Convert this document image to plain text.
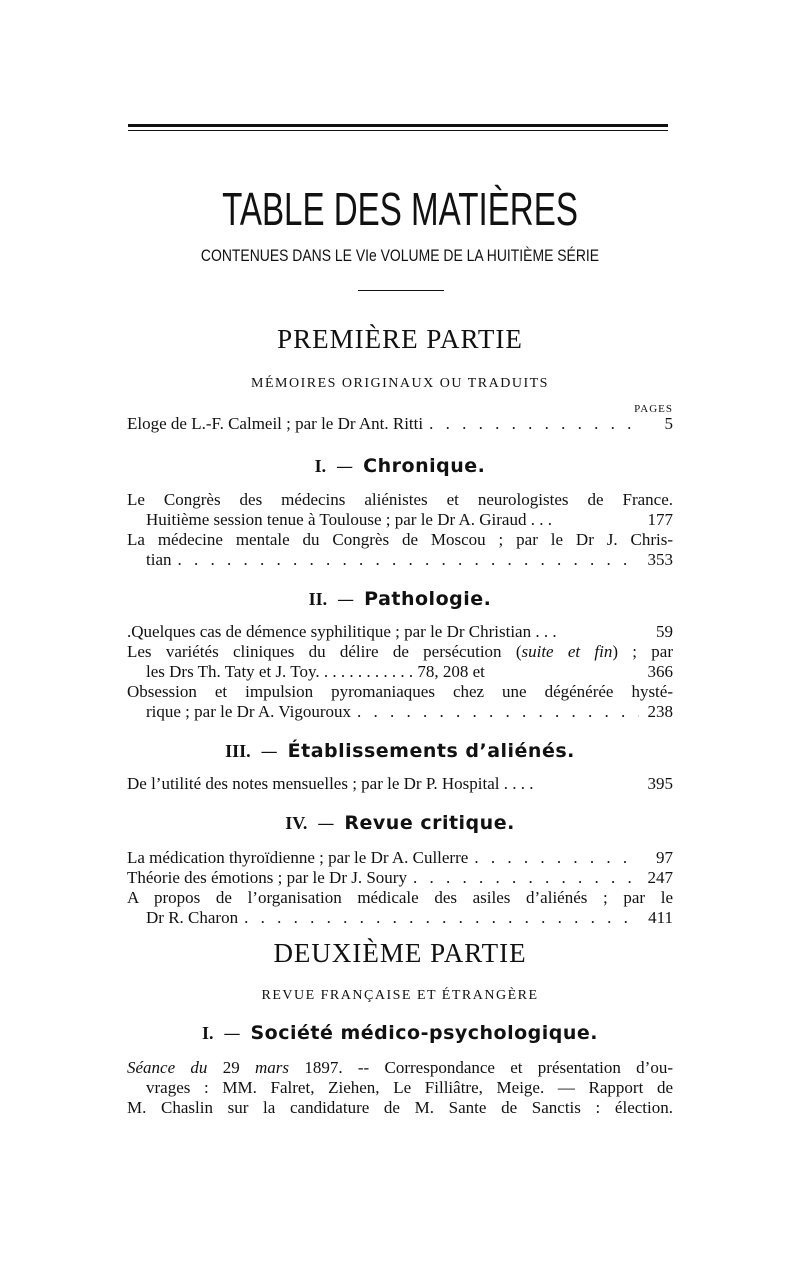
TABLE DES MATIÈRES
CONTENUES DANS LE VIe VOLUME DE LA HUITIÈME SÉRIE
PREMIÈRE PARTIE
MÉMOIRES ORIGINAUX OU TRADUITS
PAGES
Eloge de L.-F. Calmeil ; par le Dr Ant. Ritti . . .	5
I. — Chronique.
Le Congrès des médecins aliénistes et neurologistes de France.
Huitième session tenue à Toulouse ; par le Dr A. Giraud . . .	177
La médecine mentale du Congrès de Moscou ; par le Dr J. Chris-
tian . . .	353
II. — Pathologie.
.Quelques cas de démence syphilitique ; par le Dr Christian . . .	59
Les variétés cliniques du délire de persécution (suite et fin) ; par
les Drs Th. Taty et J. Toy. . . . . . . . . . . . 78, 208 et	366
Obsession et impulsion pyromaniaques chez une dégénérée hysté-
rique ; par le Dr A. Vigouroux . . .	238
III. — Établissements d’aliénés.
De l’utilité des notes mensuelles ; par le Dr P. Hospital . . . .	395
IV. — Revue critique.
La médication thyroïdienne ; par le Dr A. Cullerre . . .	97
Théorie des émotions ; par le Dr J. Soury . . .	247
A propos de l’organisation médicale des asiles d’aliénés ; par le
Dr R. Charon . . .	411
DEUXIÈME PARTIE
REVUE FRANÇAISE ET ÉTRANGÈRE
I. — Société médico-psychologique.
Séance du 29 mars 1897. -- Correspondance et présentation d’ou-
vrages : MM. Falret, Ziehen, Le Filliâtre, Meige. — Rapport de
M. Chaslin sur la candidature de M. Sante de Sanctis : élection.
